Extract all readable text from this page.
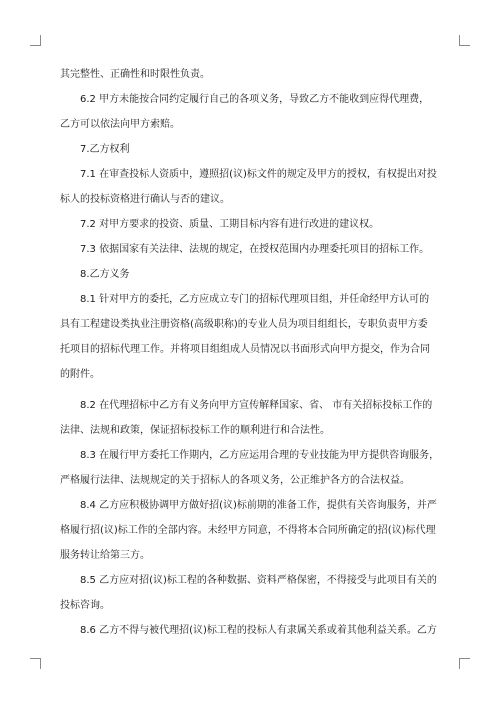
其完整性、正确性和时限性负责。
6.2 甲方未能按合同约定履行自己的各项义务，导致乙方不能收到应得代理费，
乙方可以依法向甲方索赔。
7.乙方权利
7.1 在审查投标人资质中，遵照招(议)标文件的规定及甲方的授权，有权提出对投
标人的投标资格进行确认与否的建议。
7.2 对甲方要求的投资、质量、工期目标内容有进行改进的建议权。
7.3 依据国家有关法律、法规的规定，在授权范围内办理委托项目的招标工作。
8.乙方义务
8.1 针对甲方的委托，乙方应成立专门的招标代理项目组，并任命经甲方认可的
具有工程建设类执业注册资格(高级职称)的专业人员为项目组组长，专职负责甲方委
托项目的招标代理工作。并将项目组组成人员情况以书面形式向甲方提交，作为合同
的附件。
8.2 在代理招标中乙方有义务向甲方宣传解释国家、省、 市有关招标投标工作的
法律、法规和政策，保证招标投标工作的顺利进行和合法性。
8.3 在履行甲方委托工作期内，乙方应运用合理的专业技能为甲方提供咨询服务，
严格履行法律、法规规定的关于招标人的各项义务，公正维护各方的合法权益。
8.4 乙方应积极协调甲方做好招(议)标前期的准备工作，提供有关咨询服务，并严
格履行招(议)标工作的全部内容。未经甲方同意，不得将本合同所确定的招(议)标代理
服务转让给第三方。
8.5 乙方应对招(议)标工程的各种数据、资料严格保密，不得接受与此项目有关的
投标咨询。
8.6 乙方不得与被代理招(议)标工程的投标人有隶属关系或着其他利益关系。乙方
